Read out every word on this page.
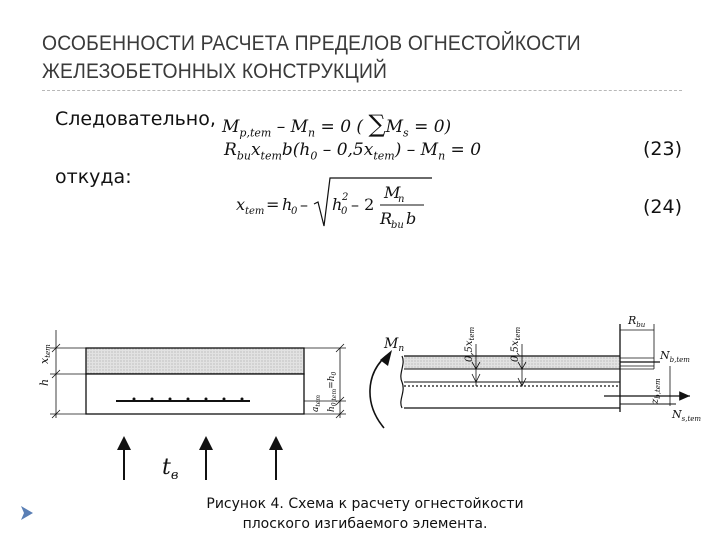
ОСОБЕННОСТИ РАСЧЕТА ПРЕДЕЛОВ ОГНЕСТОЙКОСТИ
ЖЕЛЕЗОБЕТОННЫХ КОНСТРУКЦИЙ
Следовательно, $M_{p,tem} - M_n = 0$ ( $\sum M_s = 0$)
$R_{bu}x_{tem}b(h_0 - 0,5x_{tem}) - M_n = 0$	(23)
откуда:
x tem = h
0 – h
0
2 – 2
M
n
R
bu b
(24)
xtem
h
$a_{tem}$
$h_{0,tem}=h_0$
$t_в$
$M_n$	$0,5x_{tem}$
$0,5x_{tem}$
$R_{bu}$
$N_{b,tem}$
$z_{b,tem}$
$N_{s,tem}$
Рисунок 4. Схема к расчету огнестойкости
плоского изгибаемого элемента.
